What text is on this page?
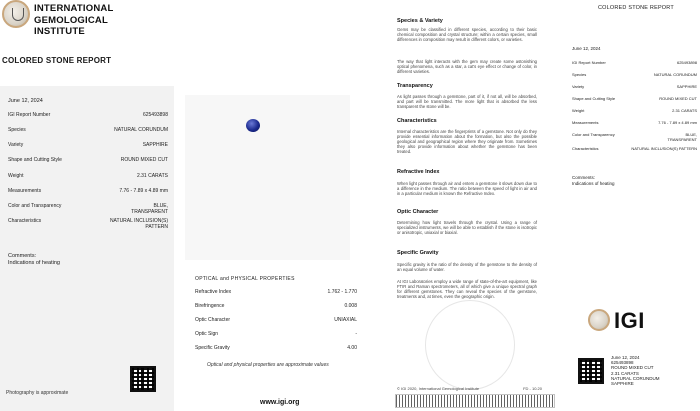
INTERNATIONAL
GEMOLOGICAL
INSTITUTE
COLORED STONE REPORT
June 12, 2024
IGI Report Number	625493898
Species	NATURAL CORUNDUM
Variety	SAPPHIRE
Shape and Cutting Style	ROUND MIXED CUT
Weight	2.31 CARATS
Measurements	7.76 - 7.89 x 4.89 mm
Color and Transparency	BLUE, TRANSPARENT
Characteristics	NATURAL INCLUSION(S) PATTERN
Comments:
Indications of heating
Photography is approximate
OPTICAL and PHYSICAL PROPERTIES
Refractive Index	1.762 - 1.770
Birefringence	0.008
Optic Character	UNIAXIAL
Optic Sign	-
Specific Gravity	4.00
Optical and physical properties are approximate values
www.igi.org
Species & Variety
Gems may be classified in different species, according to their basic chemical composition and crystal structure; within a certain species, small differences in composition may result in different colors, or varieties.
The way that light interacts with the gem may create some astonishing optical phenomena, such as a star, a cat's eye effect or change of color, in different varieties.
Transparency
As light passes through a gemstone, part of it, if not all, will be absorbed, and part will be transmitted. The more light that is absorbed the less transparent the stone will be.
Characteristics
Internal characteristics are the fingerprints of a gemstone. Not only do they provide essential information about the formation, but also the possible geological and geographical region where they originate from. Sometimes they also provide information about whether the gemstone has been treated.
Refractive Index
When light passes through air and enters a gemstone it slows down due to a difference in the medium. The ratio between the speed of light in air and in a particular medium is known the Refractive Index.
Optic Character
Determining how light travels through the crystal. Using a range of specialized instruments, we will be able to establish if the stone is isotropic or anisotropic, uniaxial or biaxial.
Specific Gravity
Specific gravity is the ratio of the density of the gemstone to the density of an equal volume of water.
At IGI Laboratories employ a wide range of state-of-the-art equipment, like FTIR and Raman spectrometers, all of which give a unique spectral graph for different gemstones. They can reveal the species of the gemstone, treatments and, at times, even the geographic origin.
© IGI 2020, International Gemological Institute	FD - 10.20
COLORED STONE REPORT
June 12, 2024
IGI Report Number	625493898
Species	NATURAL CORUNDUM
Variety	SAPPHIRE
Shape and Cutting Style	ROUND MIXED CUT
Weight	2.31 CARATS
Measurements	7.76 - 7.89 x 4.89 mm
Color and Transparency	BLUE, TRANSPARENT
Characteristics	NATURAL INCLUSION(S) PATTERN
Comments:
Indications of heating
IGI
June 12, 2024
625493898
ROUND MIXED CUT
2.31 CARATS
NATURAL CORUNDUM
SAPPHIRE
